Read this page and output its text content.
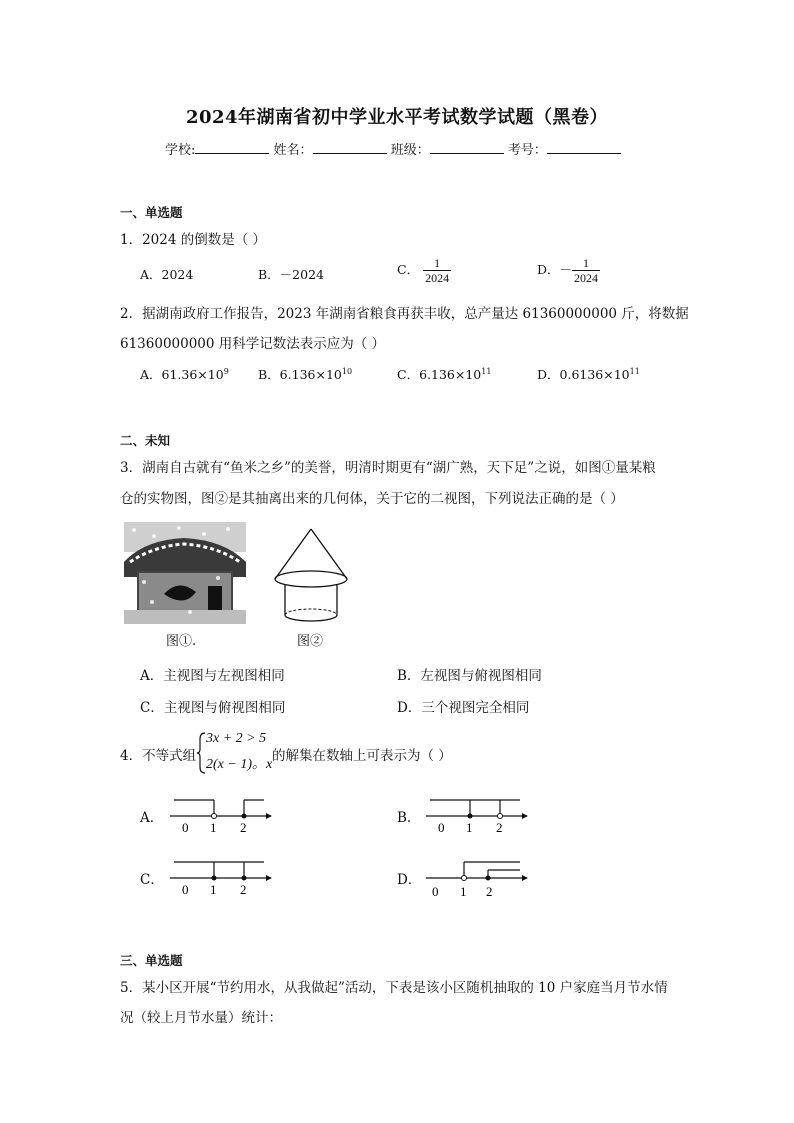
2024年湖南省初中学业水平考试数学试题（黑卷）
学校:	姓名：	班级：	考号：
一、单选题
1．2024 的倒数是（ ）
A．2024	B．－2024	C． $\frac{1}{2024}$	D．－ $\frac{1}{2024}$
2．据湖南政府工作报告，2023 年湖南省粮食再获丰收，总产量达 61360000000 斤，将数据
61360000000 用科学记数法表示应为（ ）
A．$61.36\times 10^9$ B．$6.136\times 10^{10}$	C．$6.136\times 10^{11}$	D．$0.6136\times 10^{11}$
二、未知
3．湖南自古就有“鱼米之乡”的美誉，明清时期更有“湖广熟，天下足”之说，如图①量某粮
仓的实物图，图②是其抽离出来的几何体，关于它的二视图，下列说法正确的是（ ）
图①.	图②
A．主视图与左视图相同	B．左视图与俯视图相同
C．主视图与俯视图相同	D．三个视图完全相同
4．不等式组
3x + 2 > 5
2(x − 1)。x
的解集在数轴上可表示为（ ）
A．
0 1 2
B．
0 1 2
C．
0 1 2
D．
0 1 2
三、单选题
5．某小区开展“节约用水，从我做起”活动，下表是该小区随机抽取的 10 户家庭当月节水情
况（较上月节水量）统计：
